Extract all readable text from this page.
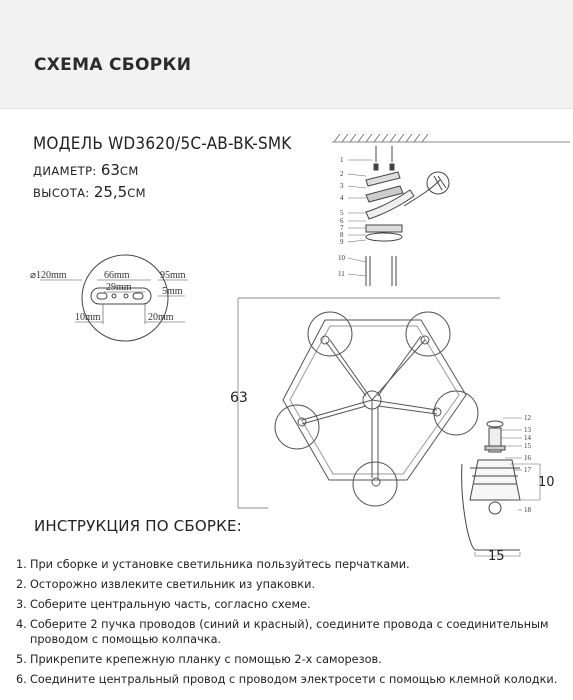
СХЕМА СБОРКИ
МОДЕЛЬ WD3620/5C-AB-BK-SMK
ДИАМЕТР: 63СМ
ВЫСОТА: 25,5СМ
1
2
3
4
5
6
7
8
9
10
11
⌀120mm	66mm	95mm
29mm	5mm
10mm	20mm
63
12
13
14
15
16
17
18
10
15
ИНСТРУКЦИЯ ПО СБОРКЕ:
1. При сборке и установке светильника пользуйтесь перчатками.
2. Осторожно извлеките светильник из упаковки.
3. Соберите центральную часть, согласно схеме.
4. Соберите 2 пучка проводов (синий и красный), соедините провода с соединительным проводом с помощью колпачка.
5. Прикрепите крепежную планку с помощью 2-х саморезов.
6. Соедините центральный провод с проводом электросети с помощью клемной колодки.
